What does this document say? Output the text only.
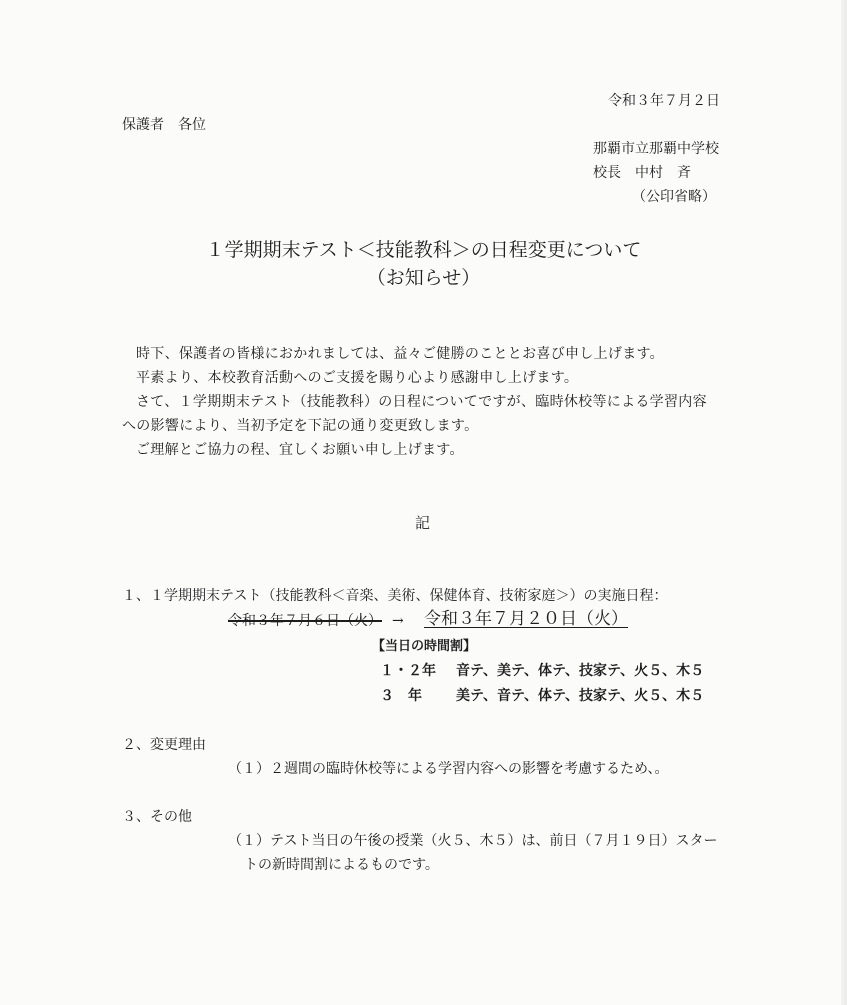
令和３年７月２日
保護者　各位
那覇市立那覇中学校
校長　中村　斉
（公印省略）
１学期期末テスト＜技能教科＞の日程変更について
（お知らせ）
時下、保護者の皆様におかれましては、益々ご健勝のこととお喜び申し上げます。
平素より、本校教育活動へのご支援を賜り心より感謝申し上げます。
さて、１学期期末テスト（技能教科）の日程についてですが、臨時休校等による学習内容
への影響により、当初予定を下記の通り変更致します。
ご理解とご協力の程、宜しくお願い申し上げます。
記
１、１学期期末テスト（技能教科＜音楽、美術、保健体育、技術家庭＞）の実施日程：
令和３年７月６日（火） → 令和３年７月２０日（火）
【当日の時間割】
１・２年 音テ、美テ、体テ、技家テ、火５、木５
３　年 美テ、音テ、体テ、技家テ、火５、木５
２、変更理由
（１）２週間の臨時休校等による学習内容への影響を考慮するため、。
３、その他
（１）テスト当日の午後の授業（火５、木５）は、前日（７月１９日）スター
トの新時間割によるものです。
